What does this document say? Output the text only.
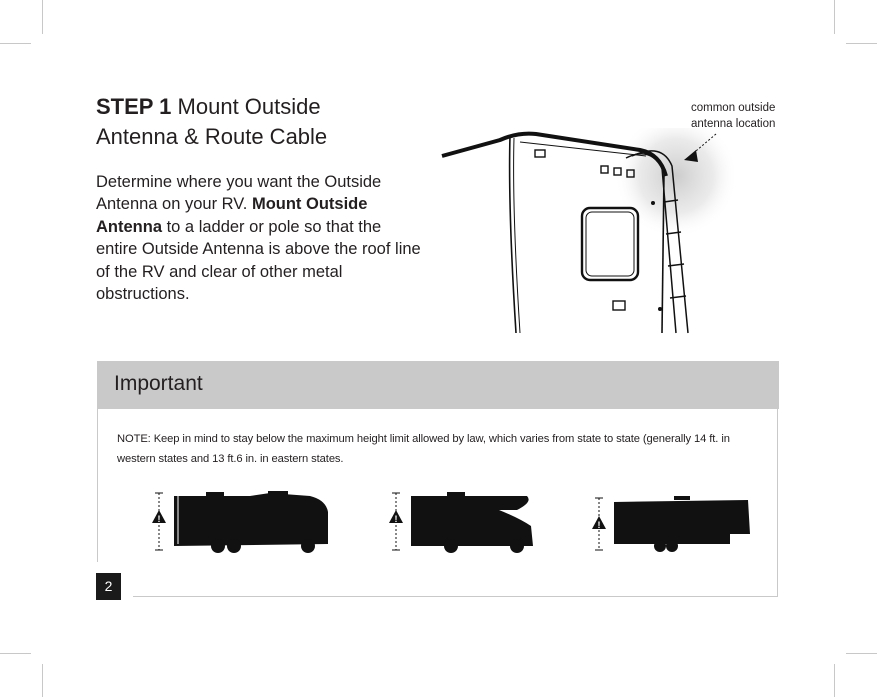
STEP 1 Mount Outside
Antenna & Route Cable

Determine where you want the Outside Antenna on your RV. Mount Outside Antenna to a ladder or pole so that the entire Outside Antenna is above the roof line of the RV and clear of other metal obstructions.

common outside
antenna location
Important
NOTE: Keep in mind to stay below the maximum height limit allowed by law, which varies from state to state (generally 14 ft. in western states and 13 ft.6 in. in eastern states.
!	!
!
2
